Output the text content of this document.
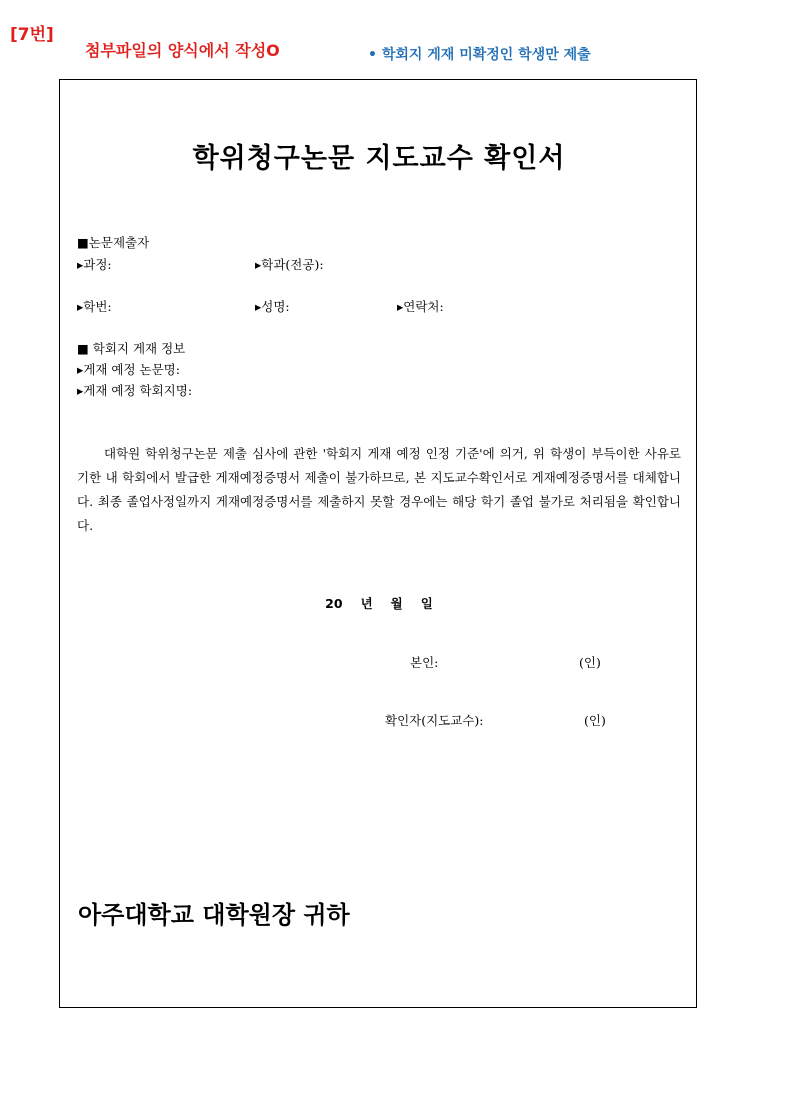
[7번]
첨부파일의 양식에서 작성O	• 학회지 게재 미확정인 학생만 제출
학위청구논문 지도교수 확인서
■논문제출자
▸과정:	▸학과(전공):
▸학번:	▸성명:	▸연락처:
■ 학회지 게재 정보
▸게재 예정 논문명:
▸게재 예정 학회지명:
대학원 학위청구논문 제출 심사에 관한 '학회지 게재 예정 인정 기준'에 의거, 위 학생이 부득이한 사유로 기한 내 학회에서 발급한 게재예정증명서 제출이 불가하므로, 본 지도교수확인서로 게재예정증명서를 대체합니다. 최종 졸업사정일까지 게재예정증명서를 제출하지 못할 경우에는 해당 학기 졸업 불가로 처리됨을 확인합니다.
20 년 월 일
본인:	(인)
확인자(지도교수):	(인)
아주대학교 대학원장 귀하
